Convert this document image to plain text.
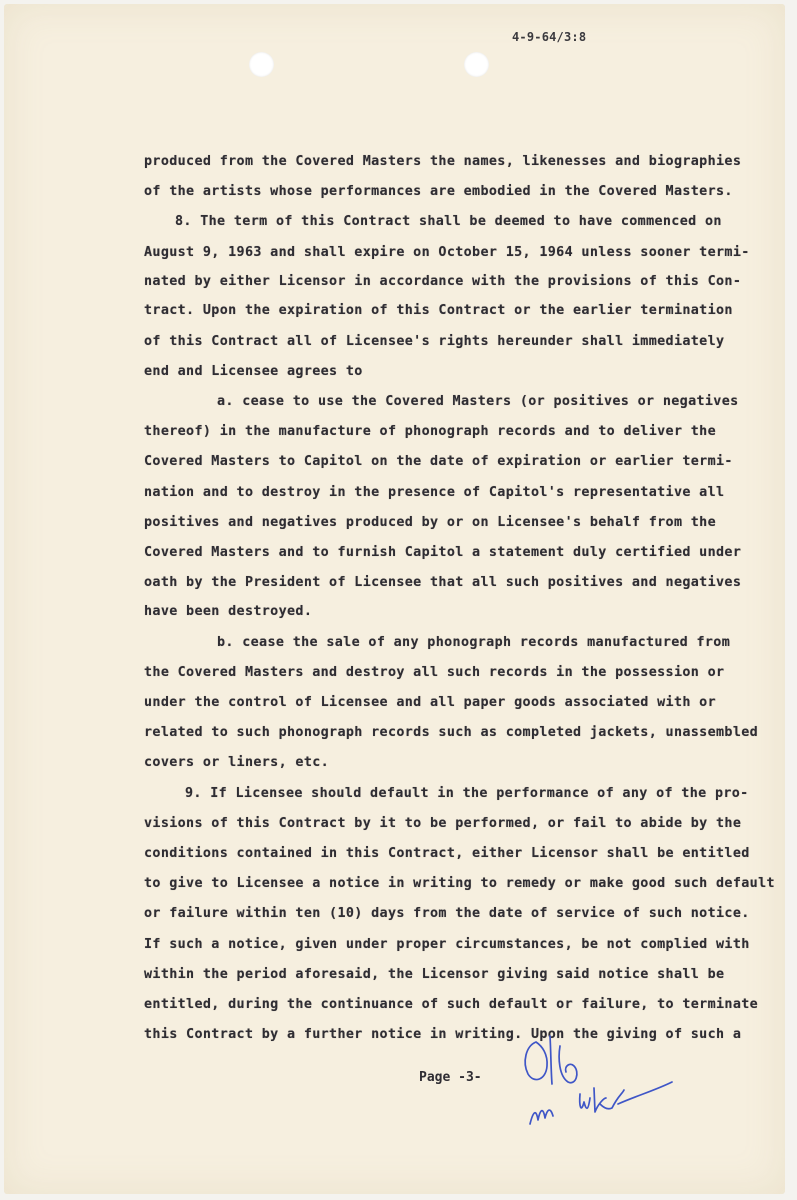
4-9-64/3:8
produced from the Covered Masters the names, likenesses and biographies
of the artists whose performances are embodied in the Covered Masters.
8. The term of this Contract shall be deemed to have commenced on
August 9, 1963 and shall expire on October 15, 1964 unless sooner termi-
nated by either Licensor in accordance with the provisions of this Con-
tract. Upon the expiration of this Contract or the earlier termination
of this Contract all of Licensee's rights hereunder shall immediately
end and Licensee agrees to
a. cease to use the Covered Masters (or positives or negatives
thereof) in the manufacture of phonograph records and to deliver the
Covered Masters to Capitol on the date of expiration or earlier termi-
nation and to destroy in the presence of Capitol's representative all
positives and negatives produced by or on Licensee's behalf from the
Covered Masters and to furnish Capitol a statement duly certified under
oath by the President of Licensee that all such positives and negatives
have been destroyed.
b. cease the sale of any phonograph records manufactured from
the Covered Masters and destroy all such records in the possession or
under the control of Licensee and all paper goods associated with or
related to such phonograph records such as completed jackets, unassembled
covers or liners, etc.
9. If Licensee should default in the performance of any of the pro-
visions of this Contract by it to be performed, or fail to abide by the
conditions contained in this Contract, either Licensor shall be entitled
to give to Licensee a notice in writing to remedy or make good such default
or failure within ten (10) days from the date of service of such notice.
If such a notice, given under proper circumstances, be not complied with
within the period aforesaid, the Licensor giving said notice shall be
entitled, during the continuance of such default or failure, to terminate
this Contract by a further notice in writing. Upon the giving of such a
Page -3-
